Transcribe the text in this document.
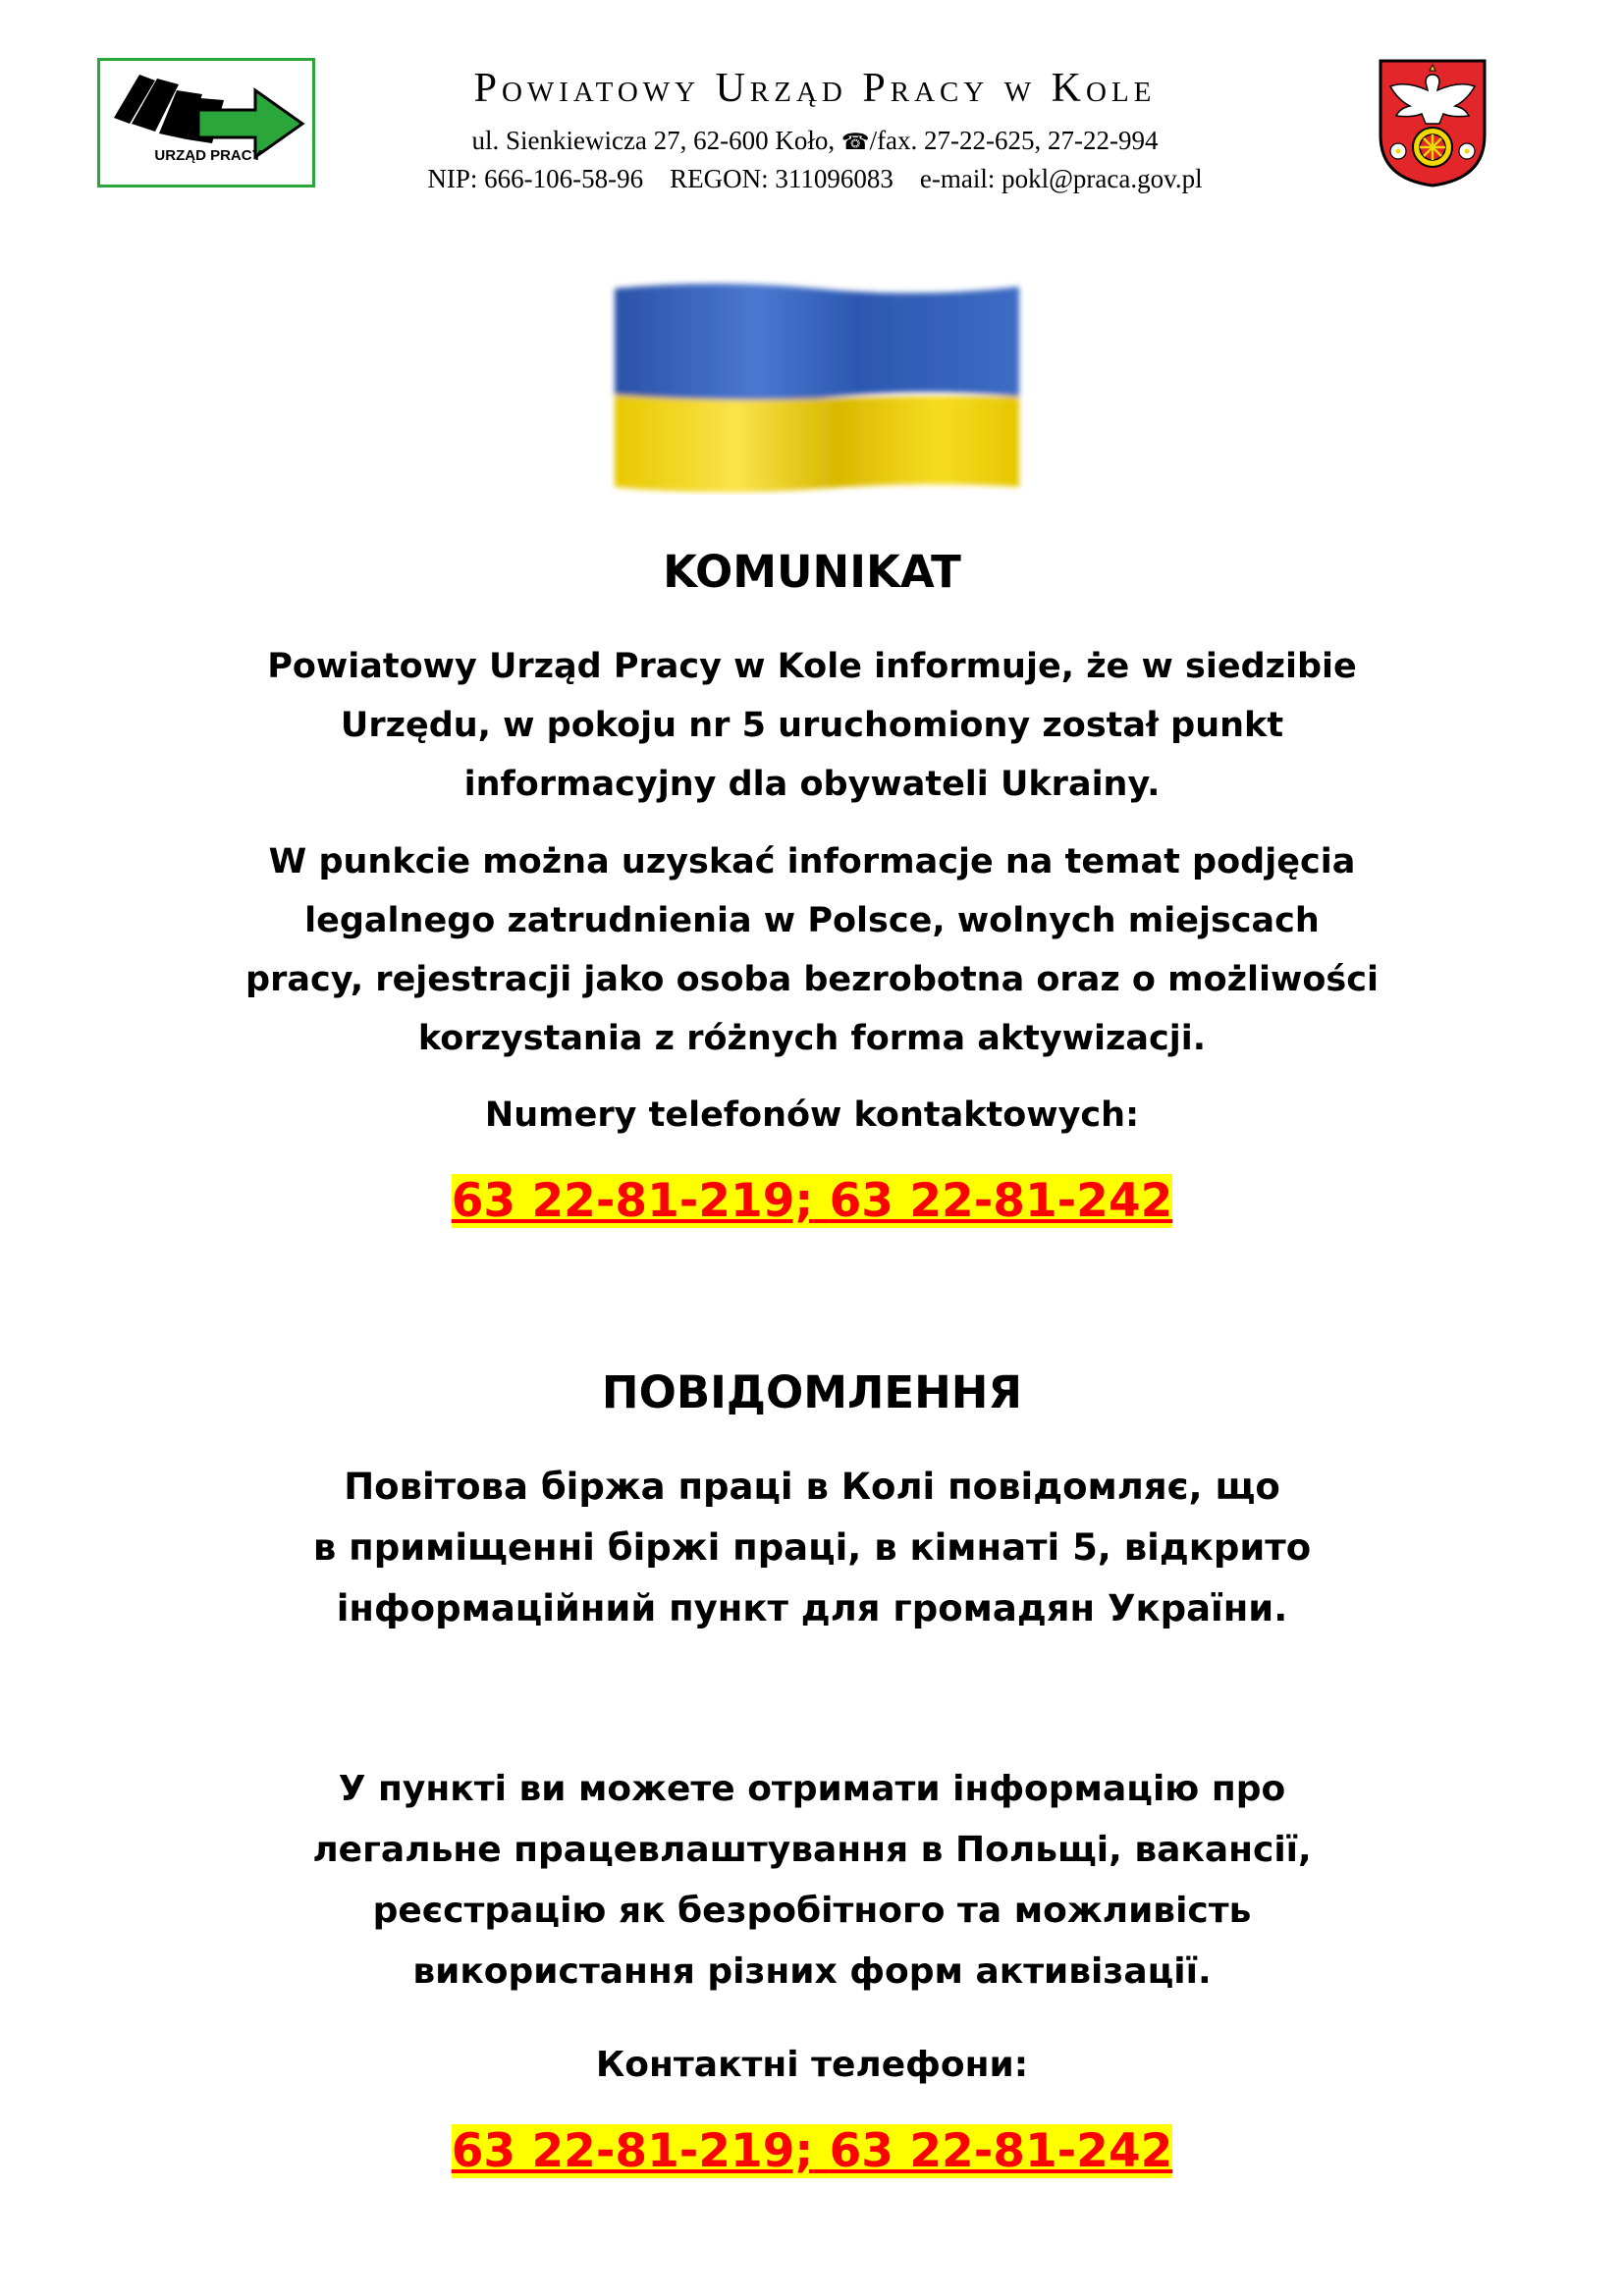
URZĄD PRACY
Powiatowy Urząd Pracy w Kole
ul. Sienkiewicza 27, 62-600 Koło, ☎/fax. 27-22-625, 27-22-994
NIP: 666-106-58-96    REGON: 311096083    e-mail: pokl@praca.gov.pl
KOMUNIKAT

Powiatowy Urząd Pracy w Kole informuje, że w siedzibie

Urzędu, w pokoju nr 5 uruchomiony został punkt

informacyjny dla obywateli Ukrainy.

W punkcie można uzyskać informacje na temat podjęcia

legalnego zatrudnienia w Polsce, wolnych miejscach

pracy, rejestracji jako osoba bezrobotna oraz o możliwości

korzystania z różnych forma aktywizacji.

Numery telefonów kontaktowych:
63 22-81-219; 63 22-81-242
ПОВІДОМЛЕННЯ

Повітова біржа праці в Колі повідомляє, що

в приміщенні біржі праці, в кімнаті 5, відкрито

інформаційний пункт для громадян України.

У пункті ви можете отримати інформацію про

легальне працевлаштування в Польщі, вакансії,

реєстрацію як безробітного та можливість

використання різних форм активізації.

Контактні телефони:
63 22-81-219; 63 22-81-242
